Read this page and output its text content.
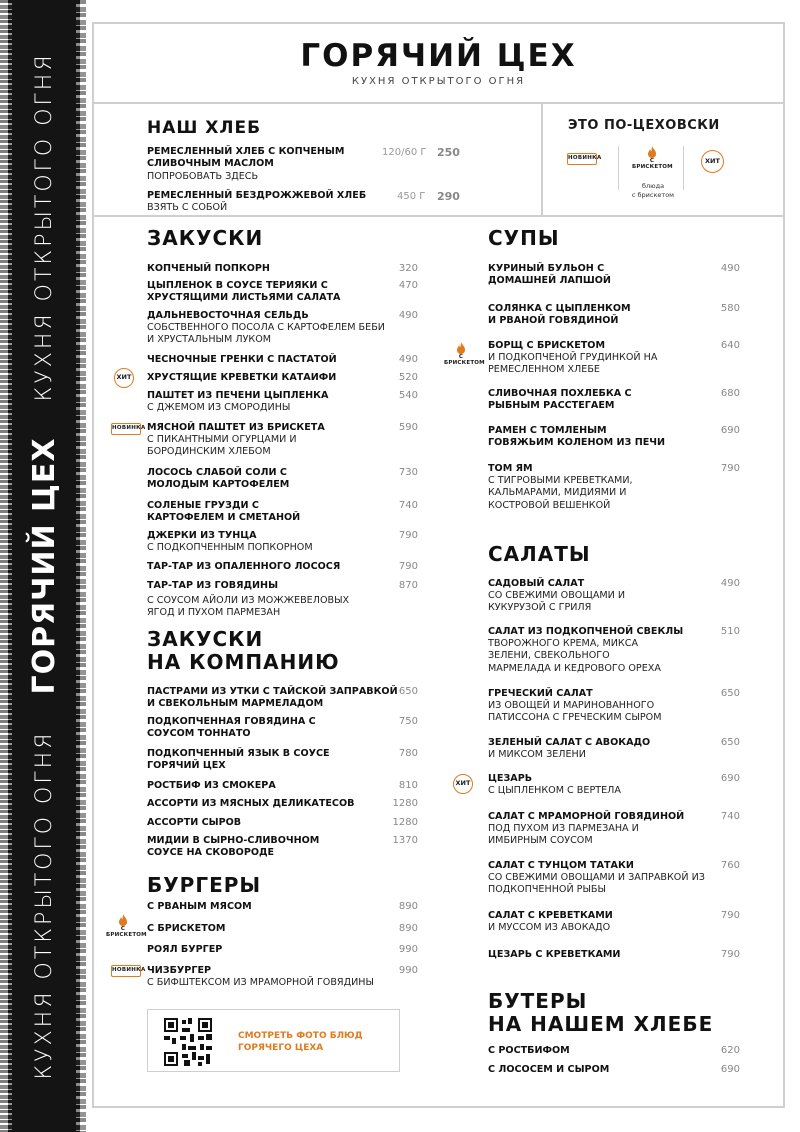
КУХНЯ ОТКРЫТОГО ОГНЯ
ГОРЯЧИЙ ЦЕХ
КУХНЯ ОТКРЫТОГО ОГНЯ	ГОРЯЧИЙ ЦЕХ
КУХНЯ ОТКРЫТОГО ОГНЯ
НАШ ХЛЕБ
РЕМЕСЛЕННЫЙ ХЛЕБ С КОПЧЕНЫМ СЛИВОЧНЫМ МАСЛОМ
ПОПРОБОВАТЬ ЗДЕСЬ
120/60 Г 250
РЕМЕСЛЕННЫЙ БЕЗДРОЖЖЕВОЙ ХЛЕБ
ВЗЯТЬ С СОБОЙ
450 Г 290
ЭТО ПО-ЦЕХОВСКИ
НОВИНКА	С БРИСКЕТОМ
блюда
с брискетом
ХИТ
ЗАКУСКИ
КОПЧЕНЫЙ ПОПКОРН	320
ЦЫПЛЕНОК В СОУСЕ ТЕРИЯКИ С ХРУСТЯЩИМИ ЛИСТЬЯМИ САЛАТА
470
ДАЛЬНЕВОСТОЧНАЯ СЕЛЬДЬ
СОБСТВЕННОГО ПОСОЛА С КАРТОФЕЛЕМ БЕБИ И ХРУСТАЛЬНЫМ ЛУКОМ
490
ЧЕСНОЧНЫЕ ГРЕНКИ С ПАСТАТОЙ	490
ХИТ ХРУСТЯЩИЕ КРЕВЕТКИ КАТАИФИ	520
ПАШТЕТ ИЗ ПЕЧЕНИ ЦЫПЛЕНКА
С ДЖЕМОМ ИЗ СМОРОДИНЫ
540
НОВИНКА МЯСНОЙ ПАШТЕТ ИЗ БРИСКЕТА
С ПИКАНТНЫМИ ОГУРЦАМИ И БОРОДИНСКИМ ХЛЕБОМ
590
ЛОСОСЬ СЛАБОЙ СОЛИ С МОЛОДЫМ КАРТОФЕЛЕМ
730
СОЛЕНЫЕ ГРУЗДИ С КАРТОФЕЛЕМ И СМЕТАНОЙ
740
ДЖЕРКИ ИЗ ТУНЦА
С ПОДКОПЧЕННЫМ ПОПКОРНОМ
790
ТАР-ТАР ИЗ ОПАЛЕННОГО ЛОСОСЯ	790
ТАР-ТАР ИЗ ГОВЯДИНЫ
С СОУСОМ АЙОЛИ ИЗ МОЖЖЕВЕЛОВЫХ ЯГОД И ПУХОМ ПАРМЕЗАН
870
ЗАКУСКИ
НА КОМПАНИЮ
ПАСТРАМИ ИЗ УТКИ С ТАЙСКОЙ ЗАПРАВКОЙ И СВЕКОЛЬНЫМ МАРМЕЛАДОМ
650
ПОДКОПЧЕННАЯ ГОВЯДИНА С СОУСОМ ТОННАТО
750
ПОДКОПЧЕННЫЙ ЯЗЫК В СОУСЕ ГОРЯЧИЙ ЦЕХ
780
РОСТБИФ ИЗ СМОКЕРА	810
АССОРТИ ИЗ МЯСНЫХ ДЕЛИКАТЕСОВ	1280
АССОРТИ СЫРОВ	1280
МИДИИ В СЫРНО-СЛИВОЧНОМ СОУСЕ НА СКОВОРОДЕ
1370
БУРГЕРЫ
С РВАНЫМ МЯСОМ	890
С БРИСКЕТОМ
С БРИСКЕТОМ	890
РОЯЛ БУРГЕР	990
НОВИНКА ЧИЗБУРГЕР
С БИФШТЕКСОМ ИЗ МРАМОРНОЙ ГОВЯДИНЫ
990
СМОТРЕТЬ ФОТО БЛЮД ГОРЯЧЕГО ЦЕХА
СУПЫ
КУРИНЫЙ БУЛЬОН С ДОМАШНЕЙ ЛАПШОЙ
490
СОЛЯНКА С ЦЫПЛЕНКОМ И РВАНОЙ ГОВЯДИНОЙ
580
С БРИСКЕТОМ
БОРЩ С БРИСКЕТОМ
И ПОДКОПЧЕНОЙ ГРУДИНКОЙ НА РЕМЕСЛЕННОМ ХЛЕБЕ
640
СЛИВОЧНАЯ ПОХЛЕБКА С РЫБНЫМ РАССТЕГАЕМ
680
РАМЕН С ТОМЛЕНЫМ ГОВЯЖЬИМ КОЛЕНОМ ИЗ ПЕЧИ
690
ТОМ ЯМ
С ТИГРОВЫМИ КРЕВЕТКАМИ, КАЛЬМАРАМИ, МИДИЯМИ И КОСТРОВОЙ ВЕШЕНКОЙ
790
САЛАТЫ
САДОВЫЙ САЛАТ
СО СВЕЖИМИ ОВОЩАМИ И КУКУРУЗОЙ С ГРИЛЯ
490
САЛАТ ИЗ ПОДКОПЧЕНОЙ СВЕКЛЫ
ТВОРОЖНОГО КРЕМА, МИКСА ЗЕЛЕНИ, СВЕКОЛЬНОГО МАРМЕЛАДА И КЕДРОВОГО ОРЕХА
510
ГРЕЧЕСКИЙ САЛАТ
ИЗ ОВОЩЕЙ И МАРИНОВАННОГО ПАТИССОНА С ГРЕЧЕСКИМ СЫРОМ
650
ЗЕЛЕНЫЙ САЛАТ С АВОКАДО
И МИКСОМ ЗЕЛЕНИ
650
ХИТ ЦЕЗАРЬ
С ЦЫПЛЕНКОМ С ВЕРТЕЛА
690
САЛАТ С МРАМОРНОЙ ГОВЯДИНОЙ
ПОД ПУХОМ ИЗ ПАРМЕЗАНА И ИМБИРНЫМ СОУСОМ
740
САЛАТ С ТУНЦОМ ТАТАКИ
СО СВЕЖИМИ ОВОЩАМИ И ЗАПРАВКОЙ ИЗ ПОДКОПЧЕННОЙ РЫБЫ
760
САЛАТ С КРЕВЕТКАМИ
И МУССОМ ИЗ АВОКАДО
790
ЦЕЗАРЬ С КРЕВЕТКАМИ	790
БУТЕРЫ
НА НАШЕМ ХЛЕБЕ
С РОСТБИФОМ	620
С ЛОСОСЕМ И СЫРОМ	690
